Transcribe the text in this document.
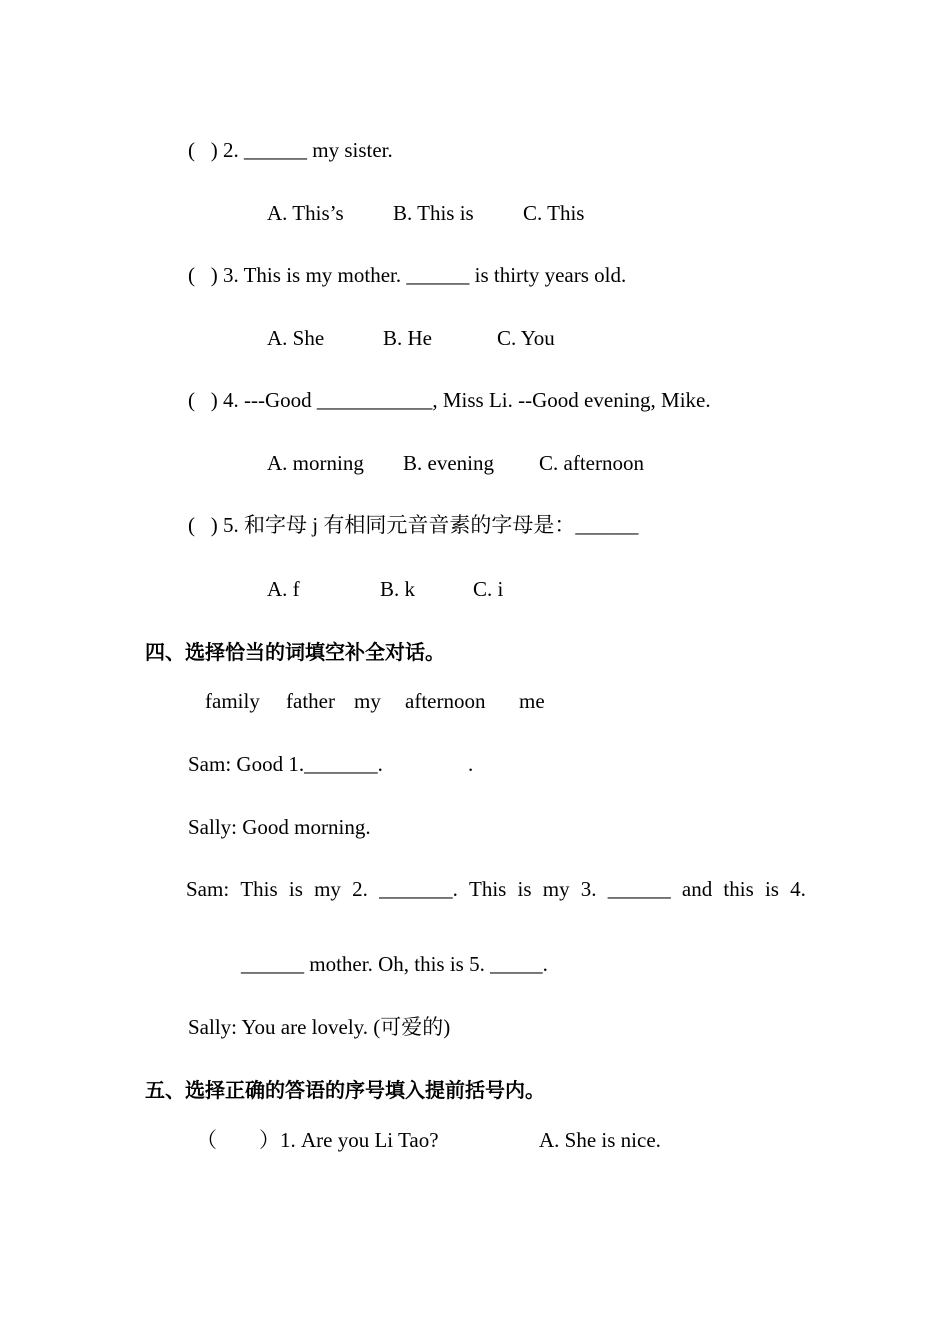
(   ) 2. ______ my sister.
A. This’s B. This is C. This
(   ) 3. This is my mother. ______ is thirty years old.
A. She	B. He	C. You
(   ) 4. ---Good ___________, Miss Li. --Good evening, Mike.
A. morning B. evening C. afternoon
(   ) 5. 和字母 j 有相同元音音素的字母是：______
A. f	B. k	C. i
四、选择恰当的词填空补全对话。
family father my afternoon me
Sam: Good 1._______.	.
Sally: Good morning.
Sam: This is my 2. _______. This is my 3. ______ and this is 4.
______ mother. Oh, this is 5. _____.
Sally: You are lovely. (可爱的)
五、选择正确的答语的序号填入提前括号内。
（        ）1. Are you Li Tao?	A. She is nice.
